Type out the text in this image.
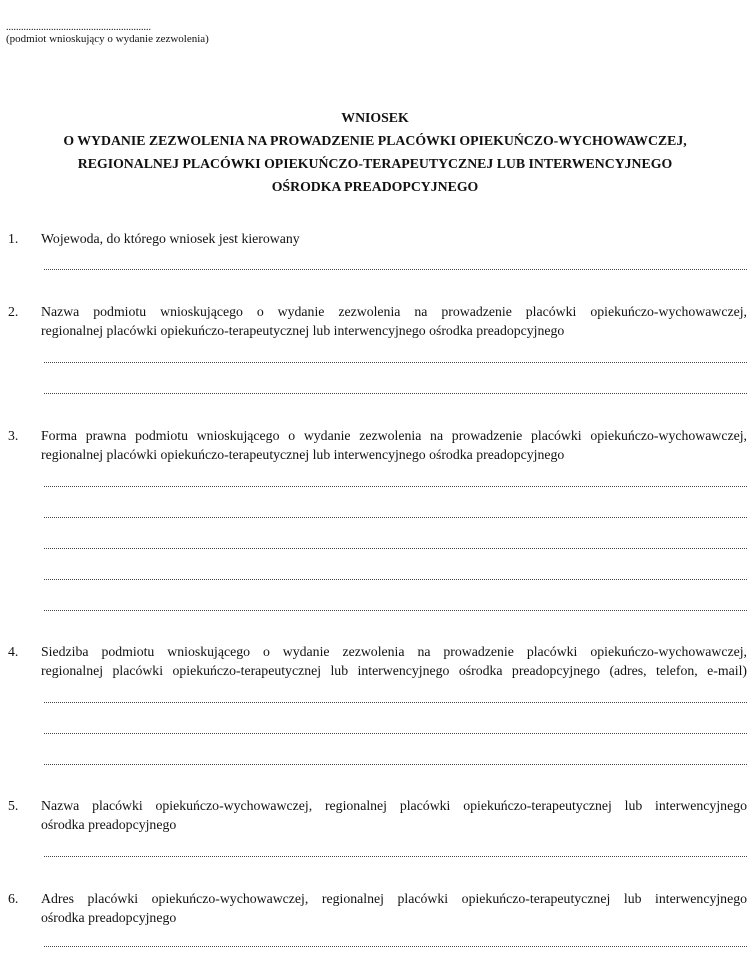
..........................................................
(podmiot wnioskujący o wydanie zezwolenia)
WNIOSEK
O WYDANIE ZEZWOLENIA NA PROWADZENIE PLACÓWKI OPIEKUŃCZO-WYCHOWAWCZEJ,
REGIONALNEJ PLACÓWKI OPIEKUŃCZO-TERAPEUTYCZNEJ LUB INTERWENCYJNEGO
OŚRODKA PREADOPCYJNEGO
1. Wojewoda, do którego wniosek jest kierowany
2. Nazwa podmiotu wnioskującego o wydanie zezwolenia na prowadzenie placówki opiekuńczo-wychowawczej,
regionalnej placówki opiekuńczo-terapeutycznej lub interwencyjnego ośrodka preadopcyjnego
3. Forma prawna podmiotu wnioskującego o wydanie zezwolenia na prowadzenie placówki opiekuńczo-wychowawczej,
regionalnej placówki opiekuńczo-terapeutycznej lub interwencyjnego ośrodka preadopcyjnego
4. Siedziba podmiotu wnioskującego o wydanie zezwolenia na prowadzenie placówki opiekuńczo-wychowawczej,
regionalnej placówki opiekuńczo-terapeutycznej lub interwencyjnego ośrodka preadopcyjnego (adres, telefon, e-mail)
5. Nazwa placówki opiekuńczo-wychowawczej, regionalnej placówki opiekuńczo-terapeutycznej lub interwencyjnego
ośrodka preadopcyjnego
6. Adres placówki opiekuńczo-wychowawczej, regionalnej placówki opiekuńczo-terapeutycznej lub interwencyjnego
ośrodka preadopcyjnego
